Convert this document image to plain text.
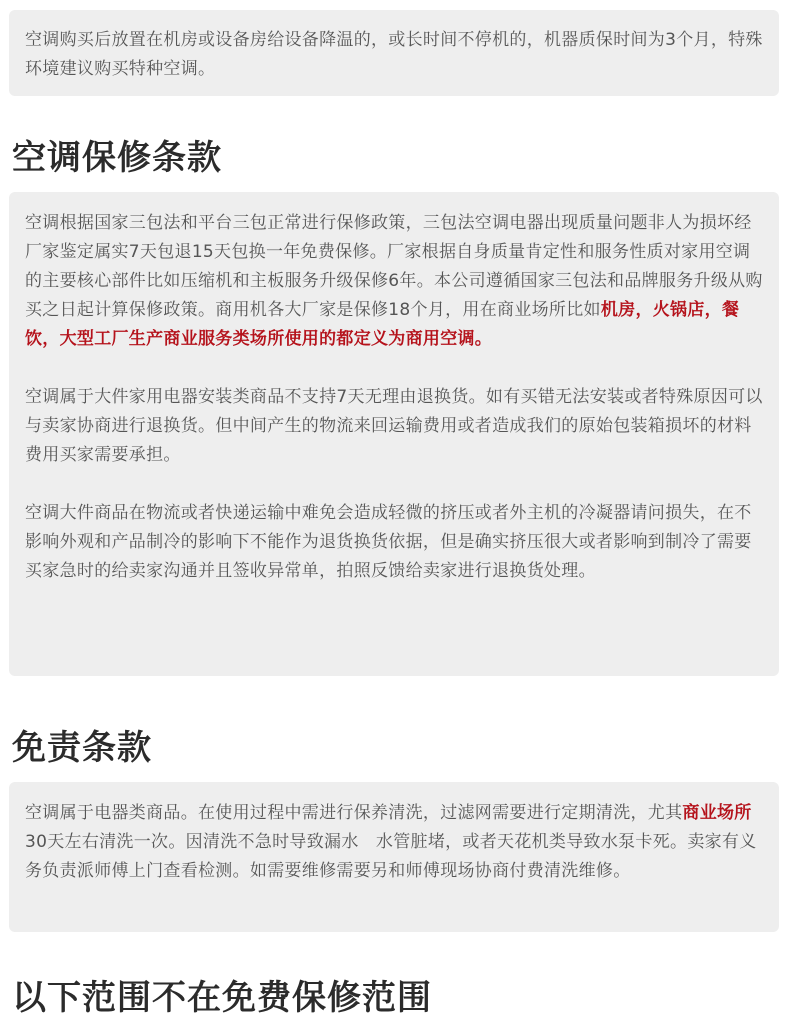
空调购买后放置在机房或设备房给设备降温的，或长时间不停机的，机器质保时间为3个月，特殊环境建议购买特种空调。

空调保修条款

空调根据国家三包法和平台三包正常进行保修政策，三包法空调电器出现质量问题非人为损坏经厂家鉴定属实7天包退15天包换一年免费保修。厂家根据自身质量肯定性和服务性质对家用空调的主要核心部件比如压缩机和主板服务升级保修6年。本公司遵循国家三包法和品牌服务升级从购买之日起计算保修政策。商用机各大厂家是保修18个月，用在商业场所比如机房，火锅店，餐饮，大型工厂生产商业服务类场所使用的都定义为商用空调。

空调属于大件家用电器安装类商品不支持7天无理由退换货。如有买错无法安装或者特殊原因可以与卖家协商进行退换货。但中间产生的物流来回运输费用或者造成我们的原始包装箱损坏的材料费用买家需要承担。

空调大件商品在物流或者快递运输中难免会造成轻微的挤压或者外主机的冷凝器请问损失，在不影响外观和产品制冷的影响下不能作为退货换货依据，但是确实挤压很大或者影响到制冷了需要买家急时的给卖家沟通并且签收异常单，拍照反馈给卖家进行退换货处理。

免责条款

空调属于电器类商品。在使用过程中需进行保养清洗，过滤网需要进行定期清洗，尤其商业场所30天左右清洗一次。因清洗不急时导致漏水　水管脏堵，或者天花机类导致水泵卡死。卖家有义务负责派师傅上门查看检测。如需要维修需要另和师傅现场协商付费清洗维修。

以下范围不在免费保修范围
